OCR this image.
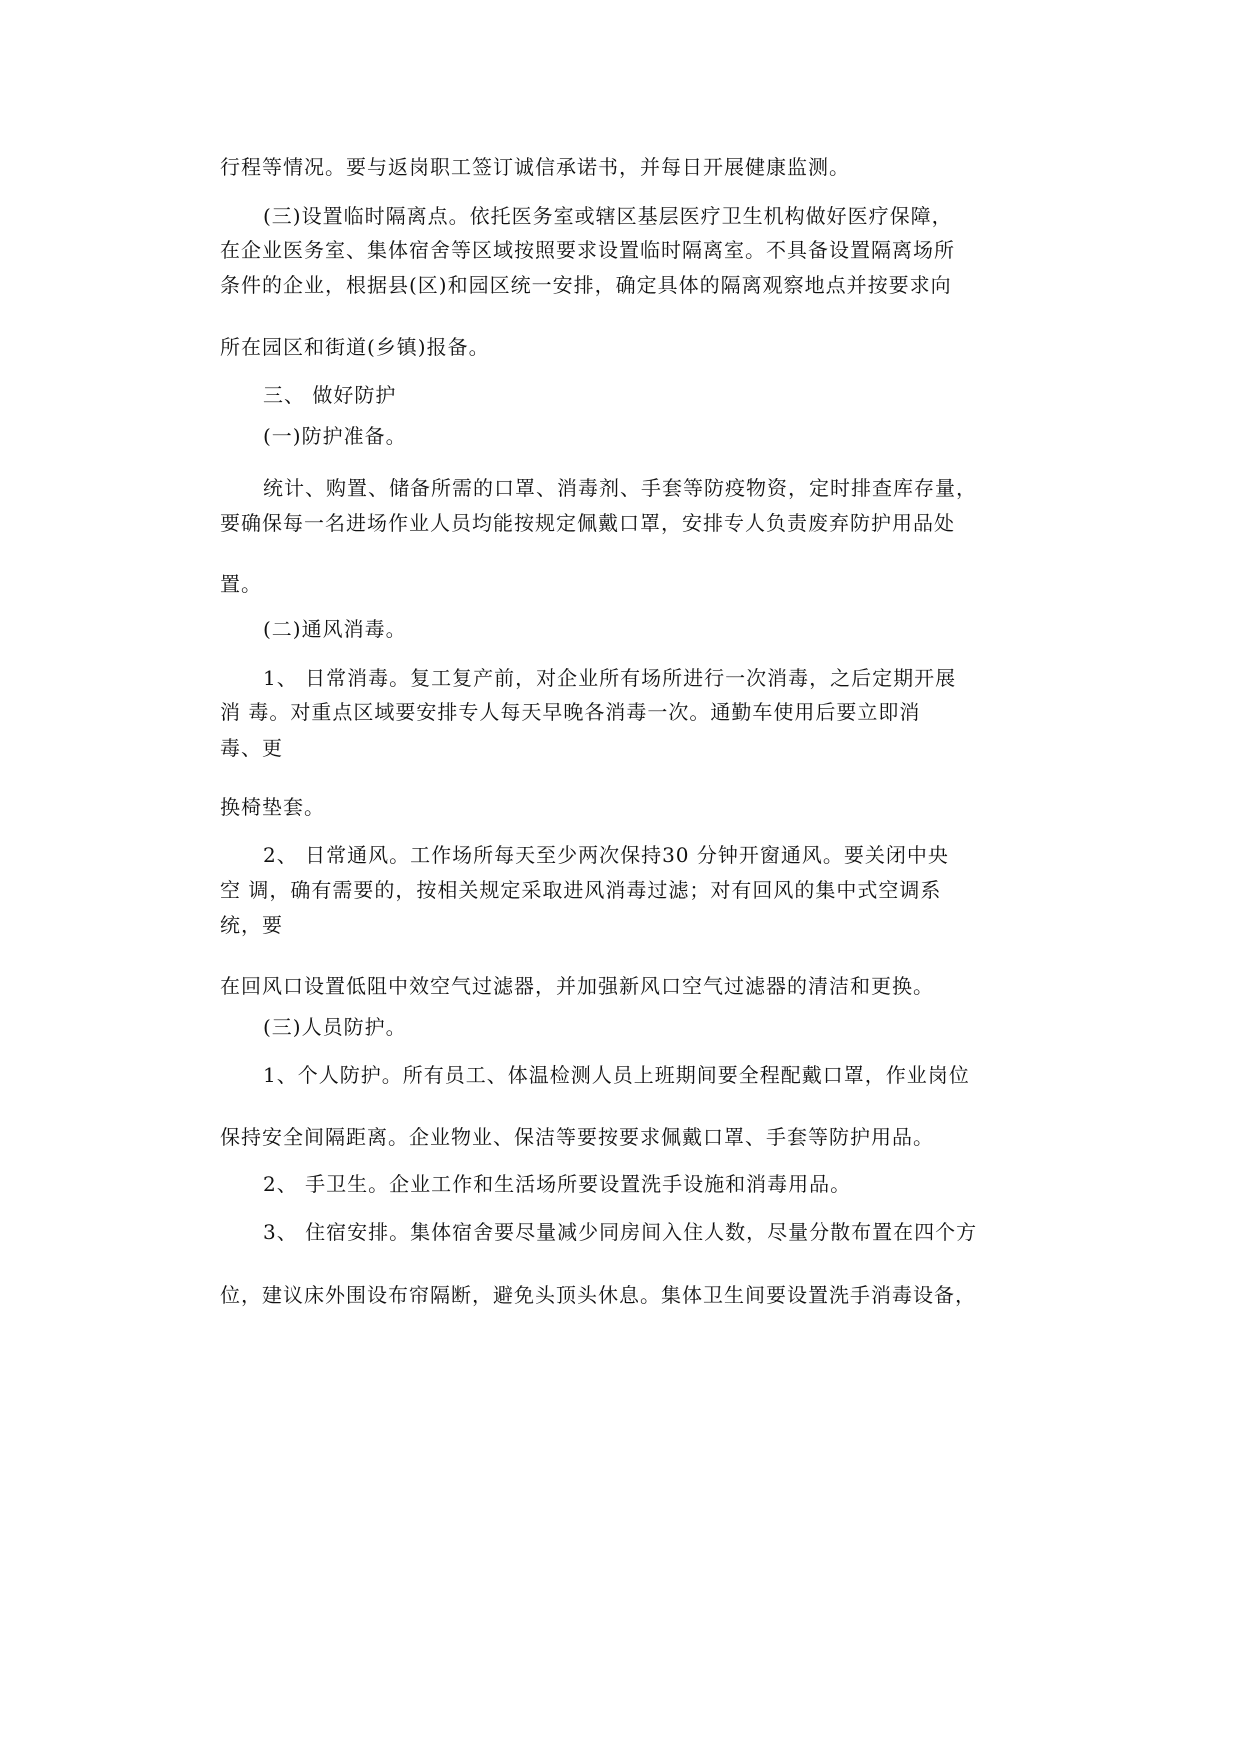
行程等情况。要与返岗职工签订诚信承诺书，并每日开展健康监测。

(三)设置临时隔离点。依托医务室或辖区基层医疗卫生机构做好医疗保障，

在企业医务室、集体宿舍等区域按照要求设置临时隔离室。不具备设置隔离场所

条件的企业，根据县(区)和园区统一安排，确定具体的隔离观察地点并按要求向

所在园区和街道(乡镇)报备。

三、 做好防护

(一)防护准备。

统计、购置、储备所需的口罩、消毒剂、手套等防疫物资，定时排查库存量，

要确保每一名进场作业人员均能按规定佩戴口罩，安排专人负责废弃防护用品处

置。

(二)通风消毒。

1、 日常消毒。复工复产前，对企业所有场所进行一次消毒，之后定期开展

消 毒。对重点区域要安排专人每天早晚各消毒一次。通勤车使用后要立即消

毒、更

换椅垫套。

2、 日常通风。工作场所每天至少两次保持30 分钟开窗通风。要关闭中央

空 调，确有需要的，按相关规定采取进风消毒过滤；对有回风的集中式空调系

统，要

在回风口设置低阻中效空气过滤器，并加强新风口空气过滤器的清洁和更换。

(三)人员防护。

1、个人防护。所有员工、体温检测人员上班期间要全程配戴口罩，作业岗位

保持安全间隔距离。企业物业、保洁等要按要求佩戴口罩、手套等防护用品。

2、 手卫生。企业工作和生活场所要设置洗手设施和消毒用品。

3、 住宿安排。集体宿舍要尽量减少同房间入住人数，尽量分散布置在四个方

位，建议床外围设布帘隔断，避免头顶头休息。集体卫生间要设置洗手消毒设备，
